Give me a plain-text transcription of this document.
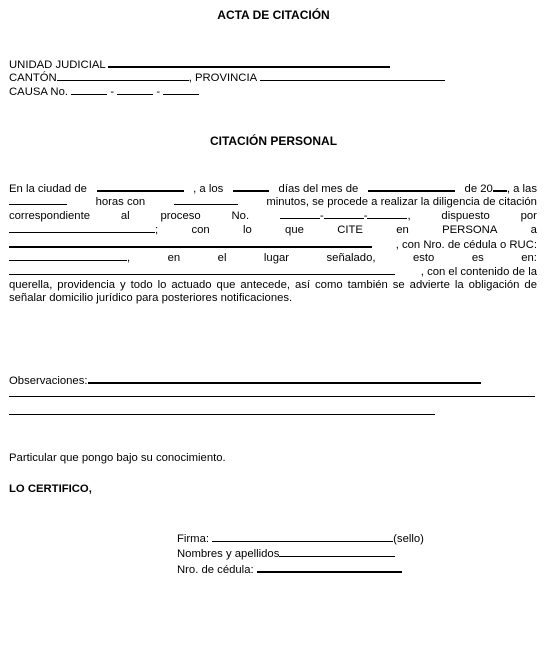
ACTA DE CITACIÓN
UNIDAD JUDICIAL
CANTÓN	, PROVINCIA
CAUSA No.	-	-
CITACIÓN PERSONAL
En la ciudad de	, a los	días del mes de	de 20 , a las
horas con	minutos, se procede a realizar la diligencia de citación
correspondiente	al	proceso	No.	-	-	,	dispuesto	por
;	con	lo	que	CITE	en	PERSONA	a
, con Nro. de cédula o RUC:
,	en	el	lugar	señalado,	esto	es	en:
, con el contenido de la
querella, providencia y todo lo actuado que antecede, así como también se advierte la obligación de señalar domicilio jurídico para posteriores notificaciones.
Observaciones:
Particular que pongo bajo su conocimiento.
LO CERTIFICO,
Firma:	(sello)
Nombres y apellidos
Nro. de cédula:
